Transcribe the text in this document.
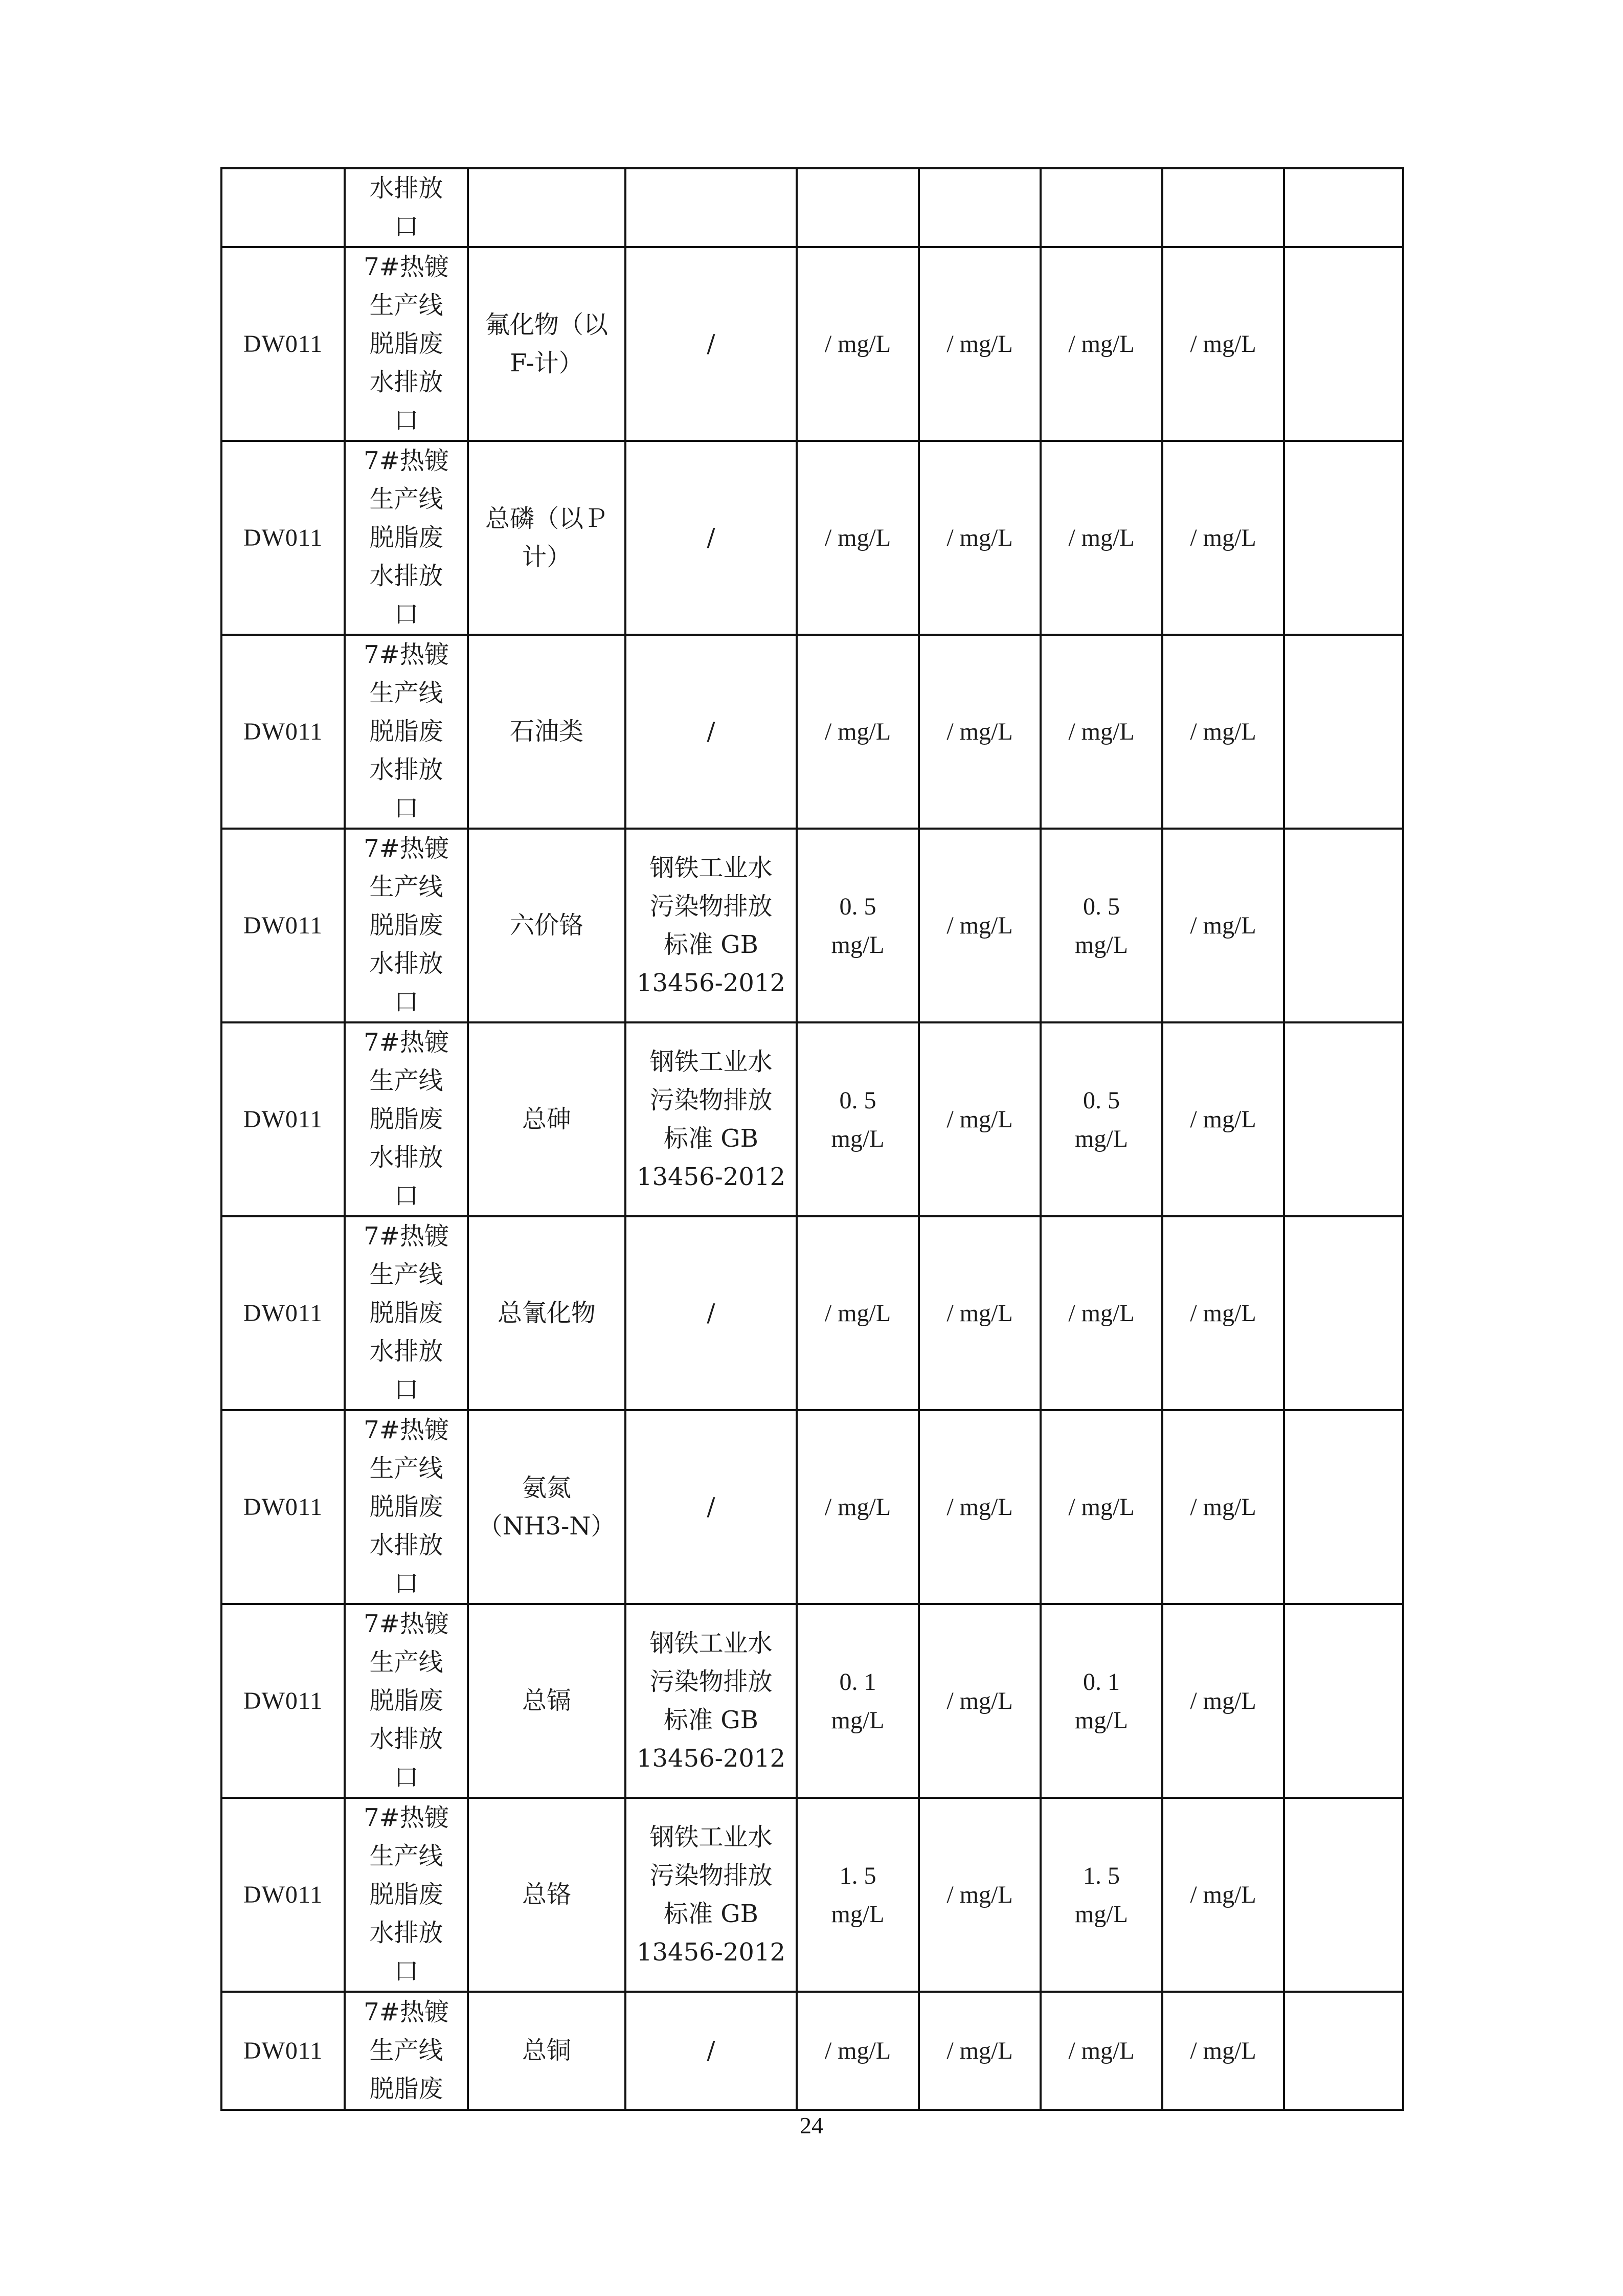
	水排放
口							

DW011	7#热镀
生产线
脱脂废
水排放
口	氟化物（以
F-计）	/	/ mg/L	/ mg/L	/ mg/L	/ mg/L	

DW011	7#热镀
生产线
脱脂废
水排放
口	总磷（以Ｐ
计）	/	/ mg/L	/ mg/L	/ mg/L	/ mg/L	

DW011	7#热镀
生产线
脱脂废
水排放
口	石油类	/	/ mg/L	/ mg/L	/ mg/L	/ mg/L	

DW011	7#热镀
生产线
脱脂废
水排放
口	六价铬	钢铁工业水
污染物排放
标准 GB
13456-2012	0. 5
mg/L	/ mg/L	0. 5
mg/L	/ mg/L	

DW011	7#热镀
生产线
脱脂废
水排放
口	总砷	钢铁工业水
污染物排放
标准 GB
13456-2012	0. 5
mg/L	/ mg/L	0. 5
mg/L	/ mg/L	

DW011	7#热镀
生产线
脱脂废
水排放
口	总氰化物	/	/ mg/L	/ mg/L	/ mg/L	/ mg/L	

DW011	7#热镀
生产线
脱脂废
水排放
口	氨氮
（NH3-N）	/	/ mg/L	/ mg/L	/ mg/L	/ mg/L	

DW011	7#热镀
生产线
脱脂废
水排放
口	总镉	钢铁工业水
污染物排放
标准 GB
13456-2012	0. 1
mg/L	/ mg/L	0. 1
mg/L	/ mg/L	

DW011	7#热镀
生产线
脱脂废
水排放
口	总铬	钢铁工业水
污染物排放
标准 GB
13456-2012	1. 5
mg/L	/ mg/L	1. 5
mg/L	/ mg/L	

DW011	7#热镀
生产线
脱脂废	总铜	/	/ mg/L	/ mg/L	/ mg/L	/ mg/L	

24
